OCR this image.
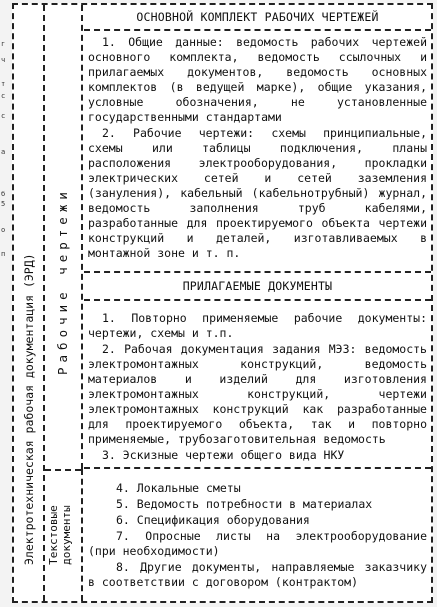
г
ч
т
с
с
а
б
5
о
п Электротехническая рабочая документация (ЭРД) Рабочие чертежи
Текстовые документы
ОСНОВНОЙ КОМПЛЕКТ РАБОЧИХ ЧЕРТЕЖЕЙ

1. Общие данные: ведомость рабочих чертежей основного комплекта, ведомость ссылочных и прилагаемых документов, ведомость основных комплектов (в ведущей марке), общие указания, условные обозначения, не установленные государственными стандартами

2. Рабочие чертежи: схемы принципиальные, схемы или таблицы подключения, планы расположения электрооборудования, прокладки электрических сетей и сетей заземления (зануления), кабельный (кабельнотрубный) журнал, ведомость заполнения труб кабелями, разработанные для проектируемого объекта чертежи конструкций и деталей, изготавливаемых в монтажной зоне и т. п.

ПРИЛАГАЕМЫЕ ДОКУМЕНТЫ

1. Повторно применяемые рабочие документы: чертежи, схемы и т.п.

2. Рабочая документация задания МЭЗ: ведомость электромонтажных конструкций, ведомость материалов и изделий для изготовления электромонтажных конструкций, чертежи электромонтажных конструкций как разработанные для проектируемого объекта, так и повторно применяемые, трубозаготовительная ведомость

3. Эскизные чертежи общего вида НКУ

4. Локальные сметы

5. Ведомость потребности в материалах

6. Спецификация оборудования

7. Опросные листы на электрооборудование (при необходимости)

8. Другие документы, направляемые заказчику в соответствии с договором (контрактом)
